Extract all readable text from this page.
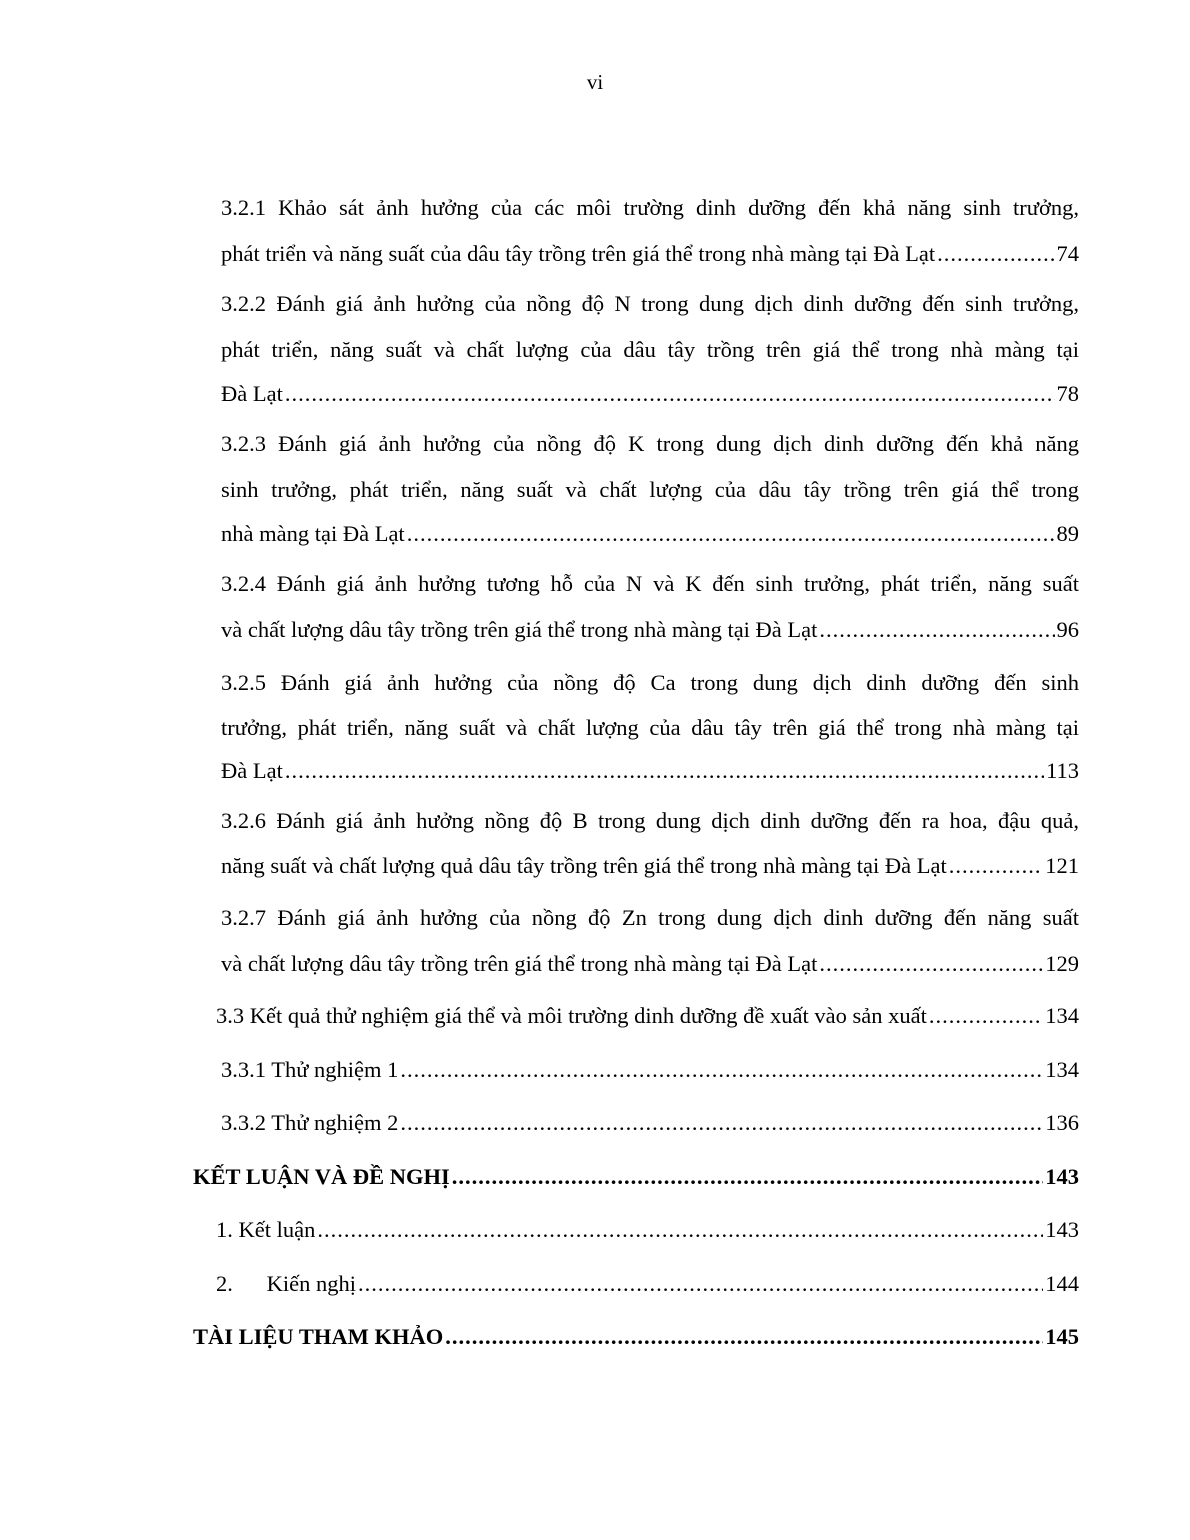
vi
3.2.1 Khảo sát ảnh hưởng của các môi trường dinh dưỡng đến khả năng sinh trưởng,
phát triển và năng suất của dâu tây trồng trên giá thể trong nhà màng tại Đà Lạt .....	74
3.2.2 Đánh giá ảnh hưởng của nồng độ N trong dung dịch dinh dưỡng đến sinh trưởng,
phát triển, năng suất và chất lượng của dâu tây trồng trên giá thể trong nhà màng tại
Đà Lạt .....	78
3.2.3 Đánh giá ảnh hưởng của nồng độ K trong dung dịch dinh dưỡng đến khả năng
sinh trưởng, phát triển, năng suất và chất lượng của dâu tây trồng trên giá thể trong
nhà màng tại Đà Lạt .....	89
3.2.4 Đánh giá ảnh hưởng tương hỗ của N và K đến sinh trưởng, phát triển, năng suất
và chất lượng dâu tây trồng trên giá thể trong nhà màng tại Đà Lạt .....	96
3.2.5 Đánh giá ảnh hưởng của nồng độ Ca trong dung dịch dinh dưỡng đến sinh
trưởng, phát triển, năng suất và chất lượng của dâu tây trên giá thể trong nhà màng tại
Đà Lạt .....	113
3.2.6 Đánh giá ảnh hưởng nồng độ B trong dung dịch dinh dưỡng đến ra hoa, đậu quả,
năng suất và chất lượng quả dâu tây trồng trên giá thể trong nhà màng tại Đà Lạt .....	121
3.2.7 Đánh giá ảnh hưởng của nồng độ Zn trong dung dịch dinh dưỡng đến năng suất
và chất lượng dâu tây trồng trên giá thể trong nhà màng tại Đà Lạt .....	129
3.3 Kết quả thử nghiệm giá thể và môi trường dinh dưỡng đề xuất vào sản xuất .....	134
3.3.1 Thử nghiệm 1 .....	134
3.3.2 Thử nghiệm 2 .....	136
KẾT LUẬN VÀ ĐỀ NGHỊ .....	143
1. Kết luận .....	143
2.      Kiến nghị .....	144
TÀI LIỆU THAM KHẢO .....	145
